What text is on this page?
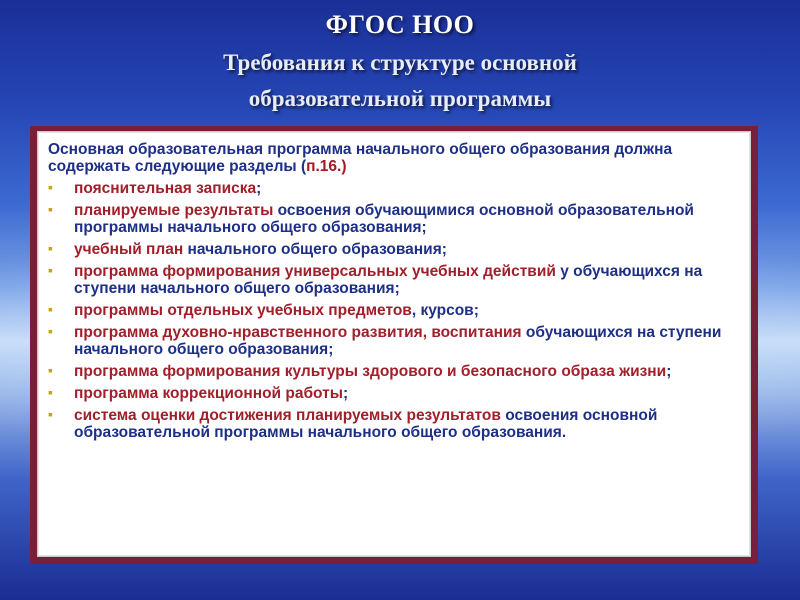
ФГОС НОО
Требования к структуре основной
образовательной программы
Основная образовательная программа начального общего образования должна содержать следующие разделы (п.16.)
▪ пояснительная записка;
▪ планируемые результаты освоения обучающимися основной образовательной программы начального общего образования;
▪ учебный план начального общего образования;
▪ программа формирования универсальных учебных действий у обучающихся на ступени начального общего образования;
▪ программы отдельных учебных предметов, курсов;
▪ программа духовно-нравственного развития, воспитания обучающихся на ступени начального общего образования;
▪ программа формирования культуры здорового и безопасного образа жизни;
▪ программа коррекционной работы;
▪ система оценки достижения планируемых результатов освоения основной образовательной программы начального общего образования.
